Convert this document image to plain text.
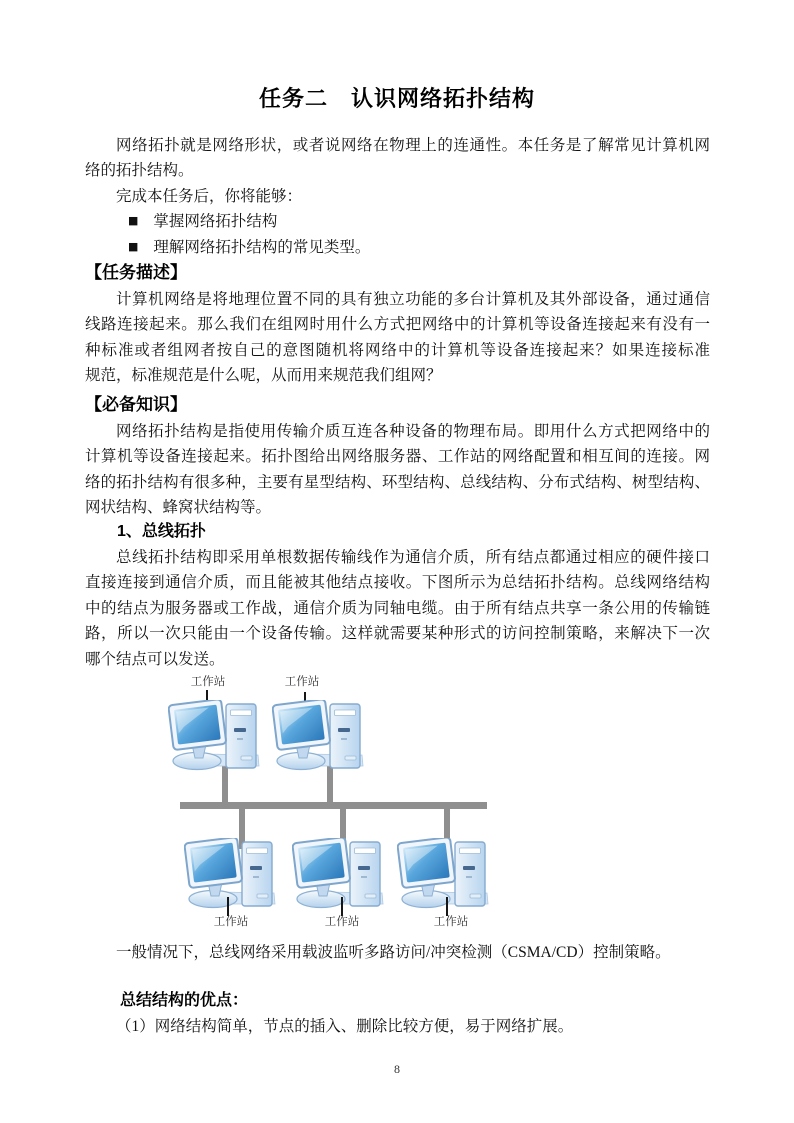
任务二　认识网络拓扑结构
网络拓扑就是网络形状，或者说网络在物理上的连通性。本任务是了解常见计算机网
络的拓扑结构。
完成本任务后，你将能够：
■ 掌握网络拓扑结构
■ 理解网络拓扑结构的常见类型。
【任务描述】
计算机网络是将地理位置不同的具有独立功能的多台计算机及其外部设备，通过通信
线路连接起来。那么我们在组网时用什么方式把网络中的计算机等设备连接起来有没有一
种标准或者组网者按自己的意图随机将网络中的计算机等设备连接起来？如果连接标准
规范，标准规范是什么呢，从而用来规范我们组网？
【必备知识】
网络拓扑结构是指使用传输介质互连各种设备的物理布局。即用什么方式把网络中的
计算机等设备连接起来。拓扑图给出网络服务器、工作站的网络配置和相互间的连接。网
络的拓扑结构有很多种，主要有星型结构、环型结构、总线结构、分布式结构、树型结构、
网状结构、蜂窝状结构等。
1、总线拓扑
总线拓扑结构即采用单根数据传输线作为通信介质，所有结点都通过相应的硬件接口
直接连接到通信介质，而且能被其他结点接收。下图所示为总结拓扑结构。总线网络结构
中的结点为服务器或工作战，通信介质为同轴电缆。由于所有结点共享一条公用的传输链
路，所以一次只能由一个设备传输。这样就需要某种形式的访问控制策略，来解决下一次
哪个结点可以发送。
工作站	工作站
工作站	工作站	工作站
一般情况下，总线网络采用载波监听多路访问/冲突检测（CSMA/CD）控制策略。
总结结构的优点：
（1）网络结构简单，节点的插入、删除比较方便，易于网络扩展。
8
